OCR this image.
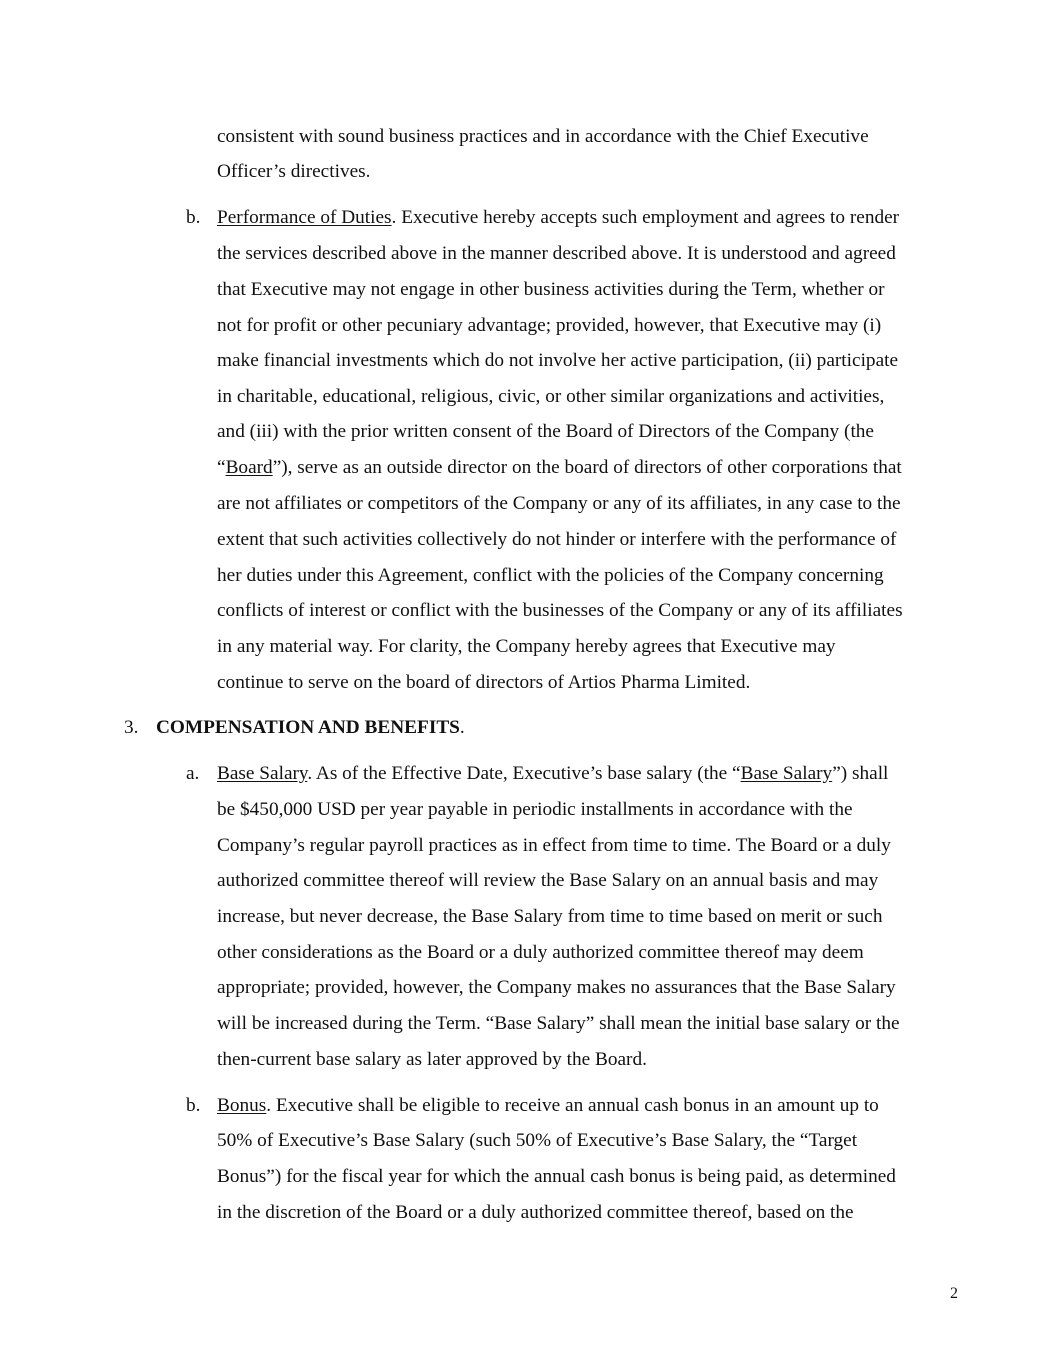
consistent with sound business practices and in accordance with the Chief Executive

Officer’s directives.

b. Performance of Duties. Executive hereby accepts such employment and agrees to render

the services described above in the manner described above. It is understood and agreed

that Executive may not engage in other business activities during the Term, whether or

not for profit or other pecuniary advantage; provided, however, that Executive may (i)

make financial investments which do not involve her active participation, (ii) participate

in charitable, educational, religious, civic, or other similar organizations and activities,

and (iii) with the prior written consent of the Board of Directors of the Company (the

“Board”), serve as an outside director on the board of directors of other corporations that

are not affiliates or competitors of the Company or any of its affiliates, in any case to the

extent that such activities collectively do not hinder or interfere with the performance of

her duties under this Agreement, conflict with the policies of the Company concerning

conflicts of interest or conflict with the businesses of the Company or any of its affiliates

in any material way. For clarity, the Company hereby agrees that Executive may

continue to serve on the board of directors of Artios Pharma Limited.

3. COMPENSATION AND BENEFITS.

a. Base Salary. As of the Effective Date, Executive’s base salary (the “Base Salary”) shall

be $450,000 USD per year payable in periodic installments in accordance with the

Company’s regular payroll practices as in effect from time to time. The Board or a duly

authorized committee thereof will review the Base Salary on an annual basis and may

increase, but never decrease, the Base Salary from time to time based on merit or such

other considerations as the Board or a duly authorized committee thereof may deem

appropriate; provided, however, the Company makes no assurances that the Base Salary

will be increased during the Term. “Base Salary” shall mean the initial base salary or the

then-current base salary as later approved by the Board.

b. Bonus. Executive shall be eligible to receive an annual cash bonus in an amount up to

50% of Executive’s Base Salary (such 50% of Executive’s Base Salary, the “Target

Bonus”) for the fiscal year for which the annual cash bonus is being paid, as determined

in the discretion of the Board or a duly authorized committee thereof, based on the

2
